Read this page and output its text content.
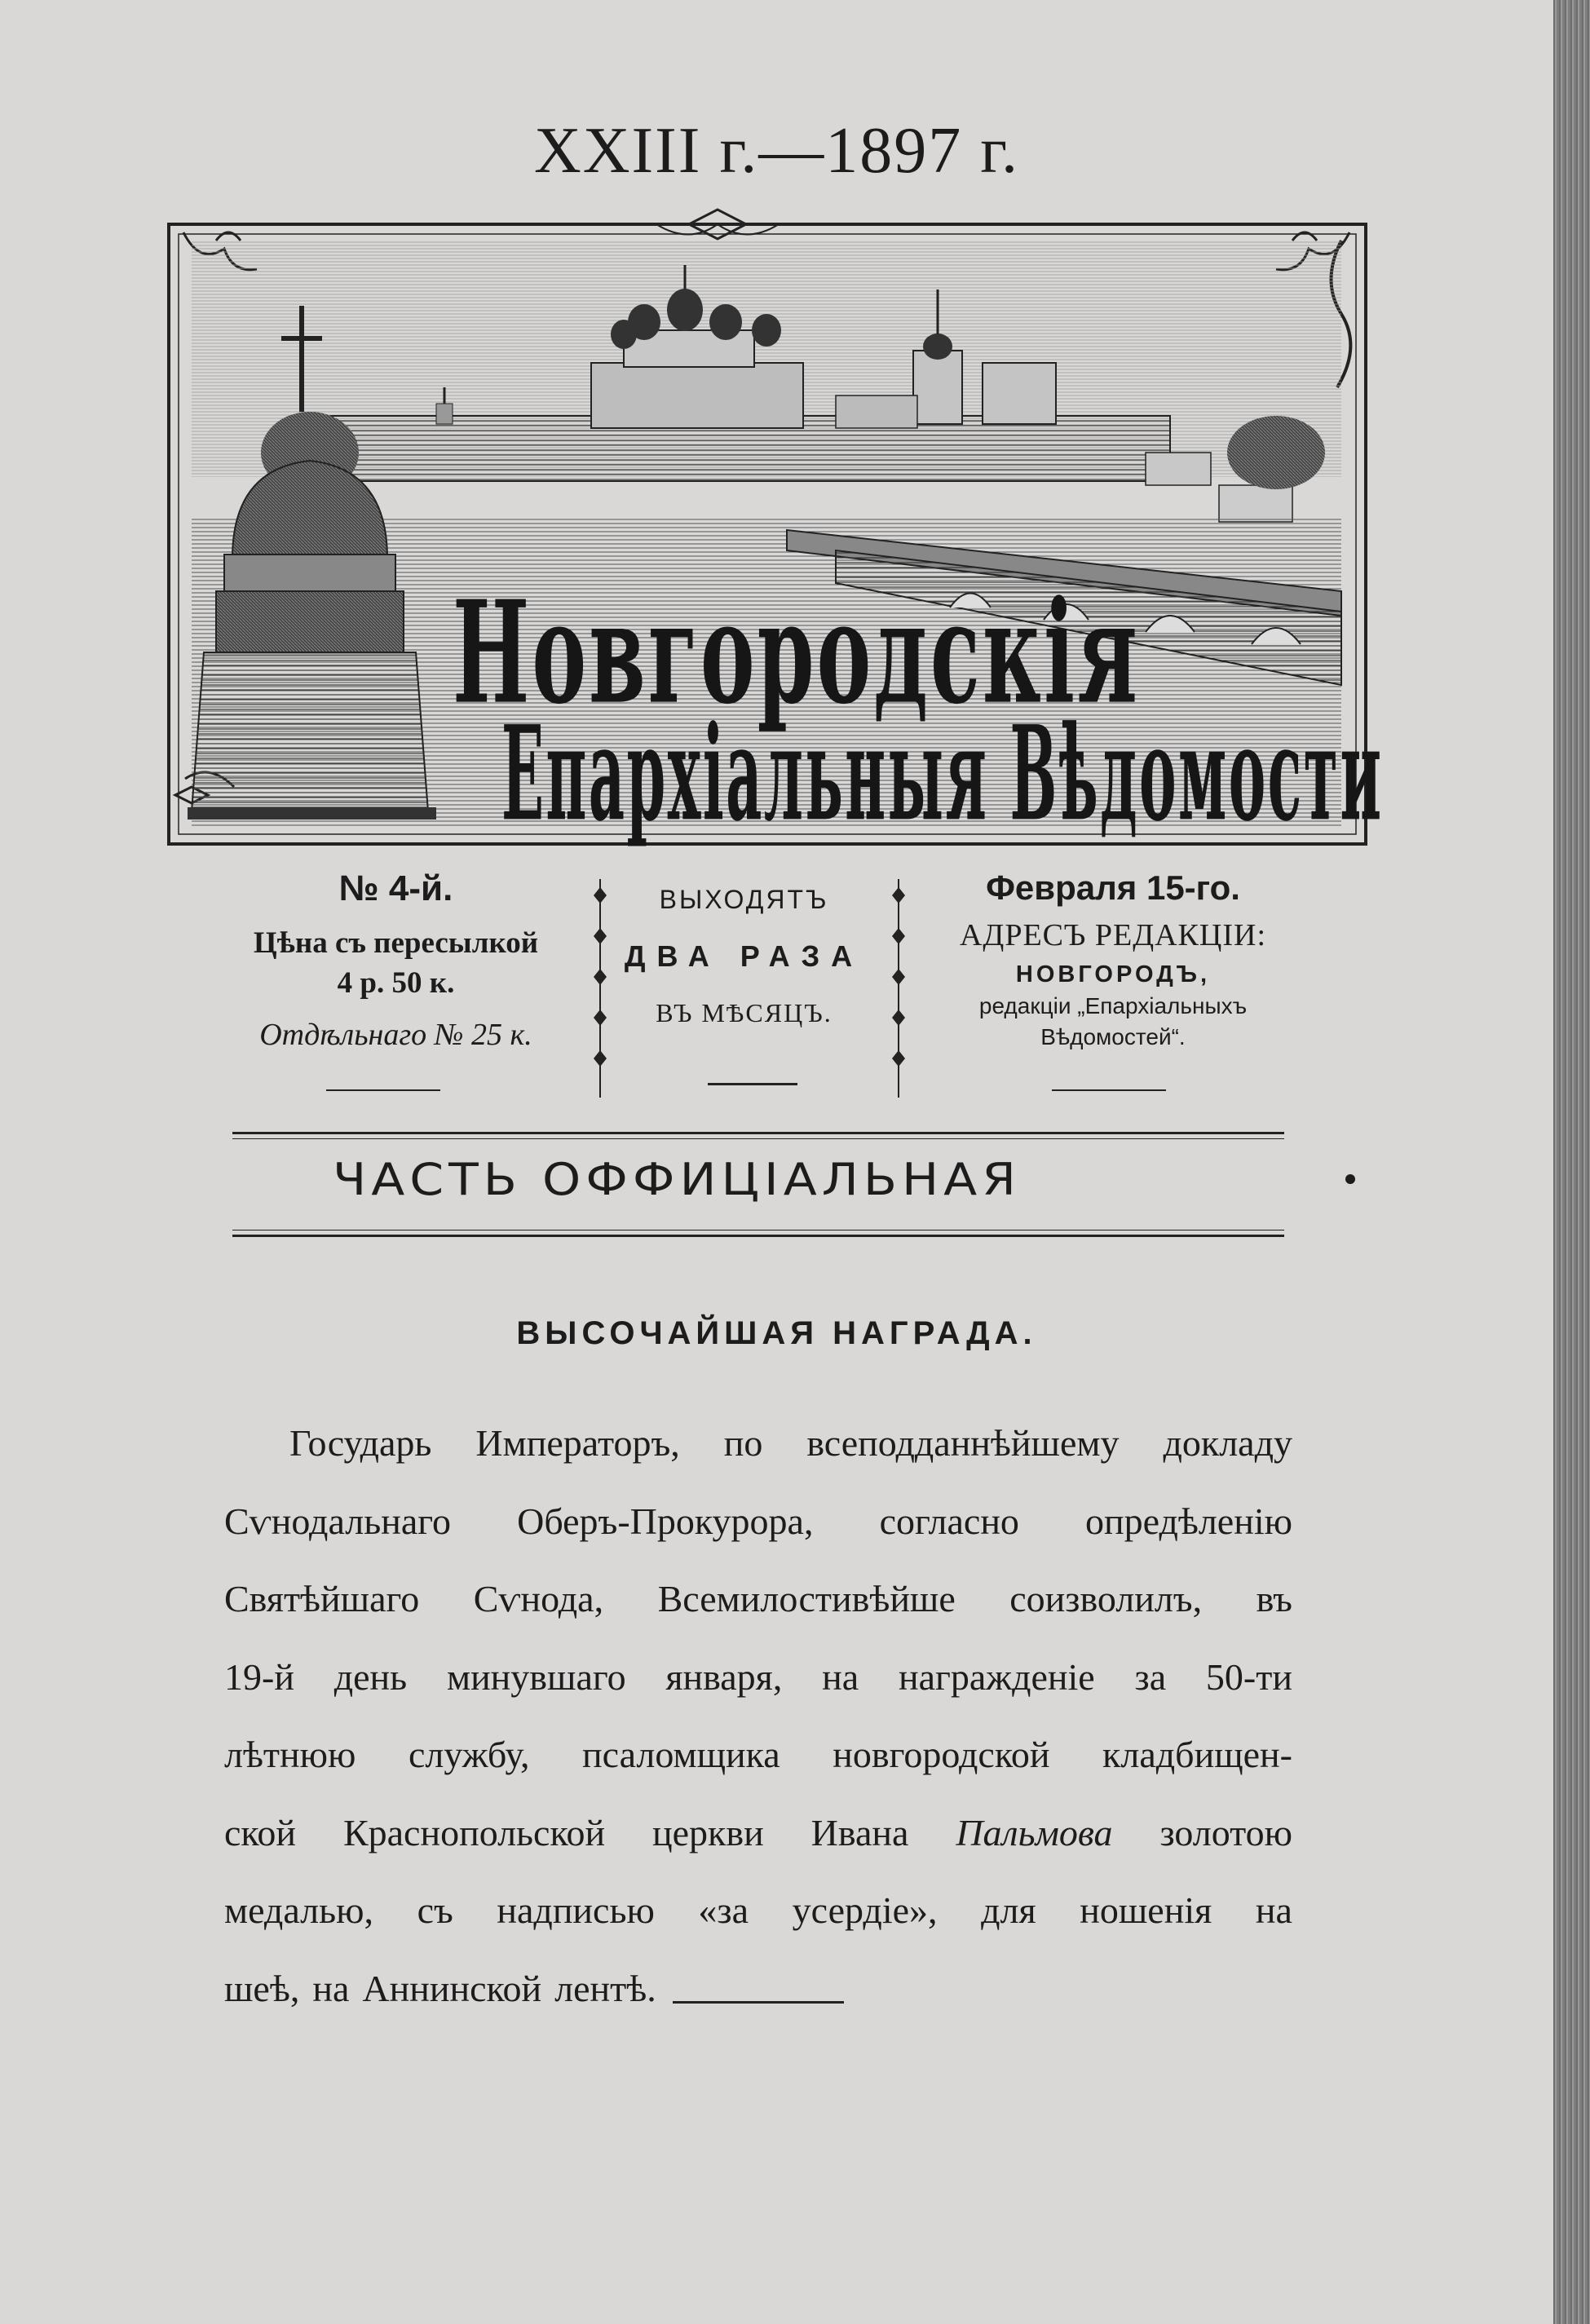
XXIII г.—1897 г.
Новгородскія
Епархіальныя Вѣдомости
№ 4-й.
Цѣна съ пересылкой
4 р. 50 к.
Отдѣльнаго № 25 к.
ВЫХОДЯТЪ
ДВА РАЗА
ВЪ МѢСЯЦЪ.
Февраля 15-го.
АДРЕСЪ РЕДАКЦІИ:
НОВГОРОДЪ,
редакціи „Епархіальныхъ
Вѣдомостей“.
ЧАСТЬ ОФФИЦІАЛЬНАЯ
ВЫСОЧАЙШАЯ НАГРАДА.
Государь Императоръ, по всеподданнѣйшему докладу
Сѵнодальнаго Оберъ-Прокурора, согласно опредѣленію
Святѣйшаго Сѵнода, Всемилостивѣйше соизволилъ, въ
19-й день минувшаго января, на награжденіе за 50-ти
лѣтнюю службу, псаломщика новгородской кладбищен-
ской Краснопольской церкви Ивана Пальмова золотою
медалью, съ надписью «за усердіе», для ношенія на
шеѣ, на Аннинской лентѣ.
